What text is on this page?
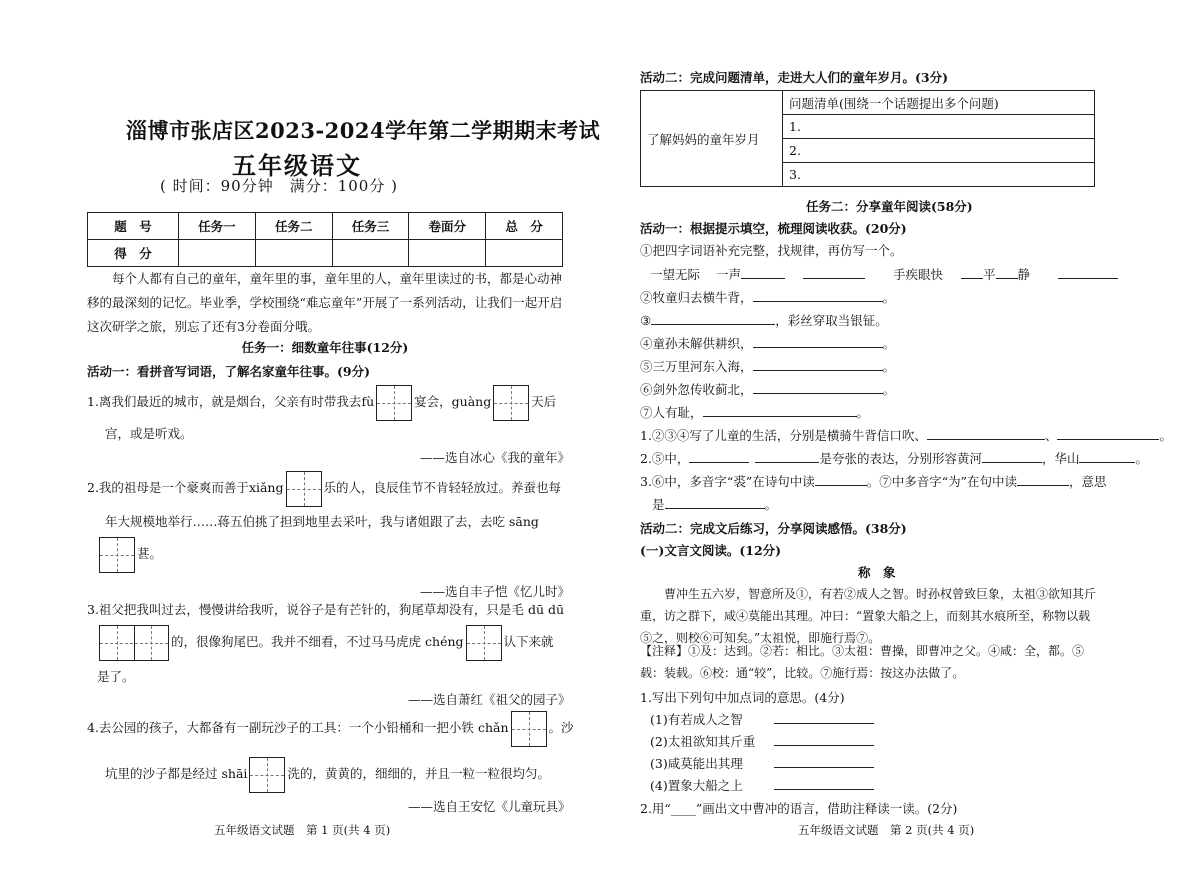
淄博市张店区2023-2024学年第二学期期末考试
五年级语文
( 时间：90分钟　满分：100分 )
题　号	任务一	任务二	任务三	卷面分	总　分
得　分					
每个人都有自己的童年，童年里的事，童年里的人，童年里读过的书，都是心动神移的最深刻的记忆。毕业季，学校围绕“难忘童年”开展了一系列活动，让我们一起开启这次研学之旅，别忘了还有3分卷面分哦。
任务一：细数童年往事(12分)
活动一：看拼音写词语，了解名家童年往事。(9分)
1.离我们最近的城市，就是烟台，父亲有时带我去fù	宴会，guàng	天后
宫，或是听戏。
——选自冰心《我的童年》
2.我的祖母是一个豪爽而善于xiǎng	乐的人，良辰佳节不肯轻轻放过。养蚕也每
年大规模地举行……蒋五伯挑了担到地里去采叶，我与诸姐跟了去，去吃 sāng
葚。
——选自丰子恺《忆儿时》
3.祖父把我叫过去，慢慢讲给我听，说谷子是有芒针的，狗尾草却没有，只是毛 dū dū
的，很像狗尾巴。我并不细看，不过马马虎虎 chéng	认下来就
是了。
——选自萧红《祖父的园子》
4.去公园的孩子，大都备有一副玩沙子的工具：一个小铅桶和一把小铁 chǎn	。沙
坑里的沙子都是经过 shāi	洗的，黄黄的，细细的，并且一粒一粒很均匀。
——选自王安忆《儿童玩具》
五年级语文试题　第 1 页(共 4 页)
活动二：完成问题清单，走进大人们的童年岁月。(3分)
了解妈妈的童年岁月	问题清单(围绕一个话题提出多个问题)
1.
2.
3.
任务二：分享童年阅读(58分)
活动一：根据提示填空，梳理阅读收获。(20分)
①把四字词语补充完整，找规律，再仿写一个。
一望无际 一声	手疾眼快	平 静
②牧童归去横牛背，	。
③	，彩丝穿取当银钲。
④童孙未解供耕织，	。
⑤三万里河东入海，	。
⑥剑外忽传收蓟北，	。
⑦人有耻，	。
1.②③④写了儿童的生活，分别是横骑牛背信口吹、	、	。
2.⑤中，	是夸张的表达，分别形容黄河	，华山	。
3.⑥中，多音字“裘”在诗句中读	。⑦中多音字“为”在句中读	，意思
是	。
活动二：完成文后练习，分享阅读感悟。(38分)
(一)文言文阅读。(12分)
称　象
曹冲生五六岁，智意所及①，有若②成人之智。时孙权曾致巨象，太祖③欲知其斤重，访之群下，咸④莫能出其理。冲曰：“置象大船之上，而刻其水痕所至，称物以载⑤之，则校⑥可知矣。”太祖悦，即施行焉⑦。
【注释】①及：达到。②若：相比。③太祖：曹操，即曹冲之父。④咸：全，都。⑤载：装载。⑥校：通“较”，比较。⑦施行焉：按这办法做了。
1.写出下列句中加点词的意思。(4分)
(1)有若成人之智
(2)太祖欲知其斤重
(3)咸莫能出其理
(4)置象大船之上
2.用“____”画出文中曹冲的语言，借助注释读一读。(2分)
五年级语文试题　第 2 页(共 4 页)
